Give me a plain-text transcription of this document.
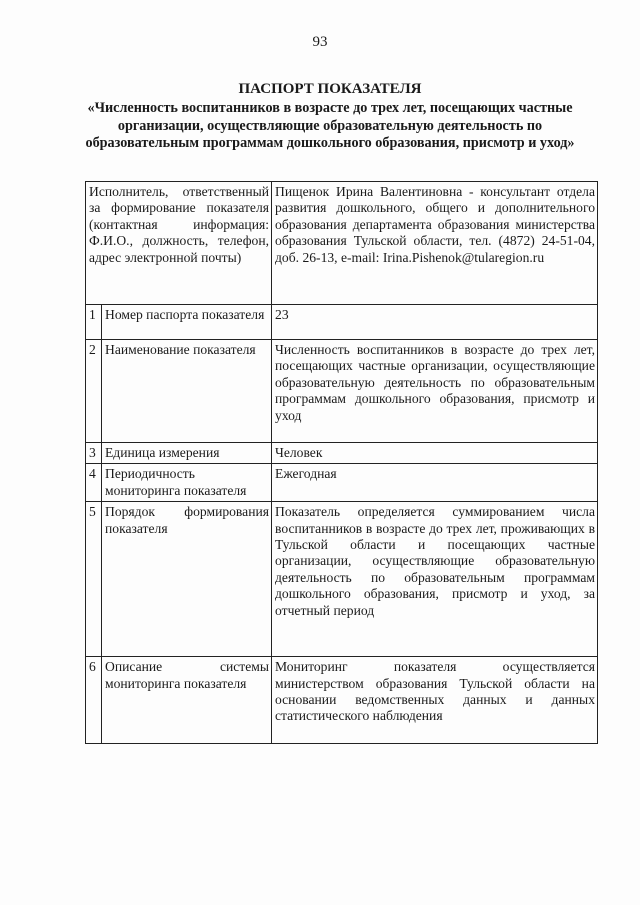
93
ПАСПОРТ ПОКАЗАТЕЛЯ
«Численность воспитанников в возрасте до трех лет, посещающих частные организации, осуществляющие образовательную деятельность по образовательным программам дошкольного образования, присмотр и уход»
Исполнитель, ответственный за формирование показателя (контактная информация: Ф.И.О., должность, телефон, адрес электронной почты)		Пищенок Ирина Валентиновна - консультант отдела развития дошкольного, общего и дополнительного образования департамента образования министерства образования Тульской области, тел. (4872) 24-51-04, доб. 26-13, e-mail: Irina.Pishenok@tularegion.ru
1	Номер паспорта показателя	23
2	Наименование показателя	Численность воспитанников в возрасте до трех лет, посещающих частные организации, осуществляющие образовательную деятельность по образовательным программам дошкольного образования, присмотр и уход
3	Единица измерения	Человек
4	Периодичность мониторинга показателя	Ежегодная
5	Порядок формирования показателя	Показатель определяется суммированием числа воспитанников в возрасте до трех лет, проживающих в Тульской области и посещающих частные организации, осуществляющие образовательную деятельность по образовательным программам дошкольного образования, присмотр и уход, за отчетный период
6	Описание системы мониторинга показателя	Мониторинг показателя осуществляется министерством образования Тульской области на основании ведомственных данных и данных статистического наблюдения
